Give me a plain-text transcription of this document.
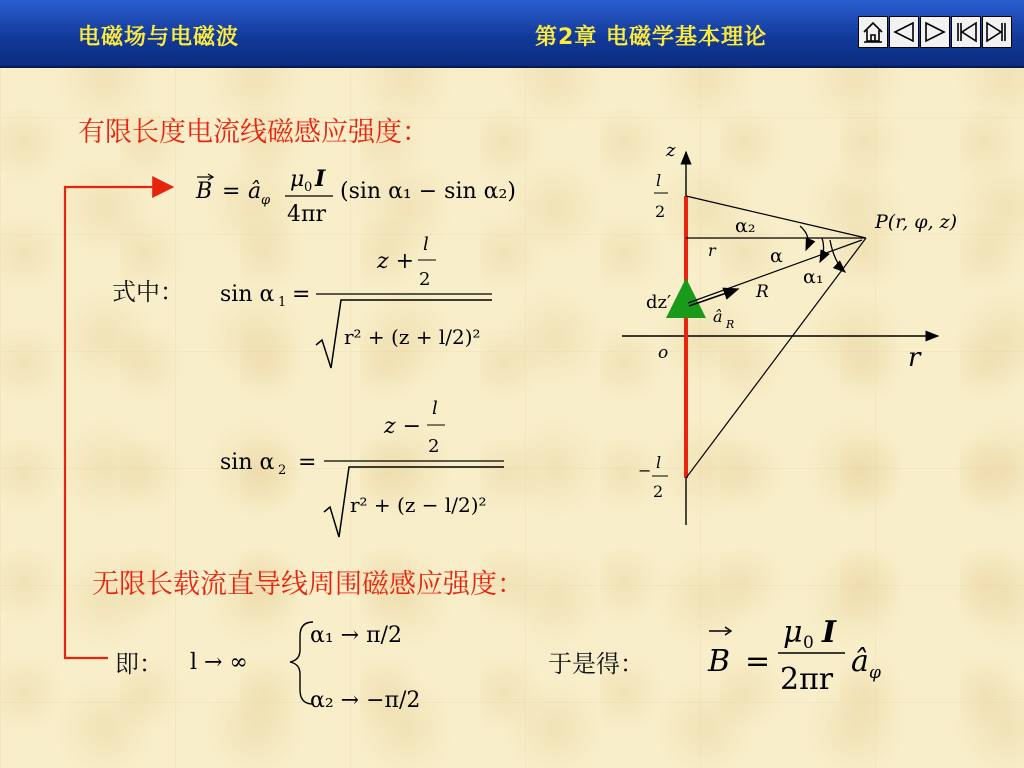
电磁场与电磁波	第2章 电磁学基本理论
有限长度电流线磁感应强度：
无限长载流直导线周围磁感应强度：
式中：
即：	于是得：
B = â φ
μ 0 I
4πr
(sin α₁ − sin α₂)
sin α 1 =
z +
l
2
r² + (z + l/2)²
sin α 2 =
z −
l
2
r² + (z − l/2)²
l → ∞
α₁ → π/2
α₂ → −π/2
B =
μ 0 I
2πr
â φ
z
r
o
l
2
− l
2
â R
dz′
r
R
P(r, φ, z)
α₂
α
α₁
